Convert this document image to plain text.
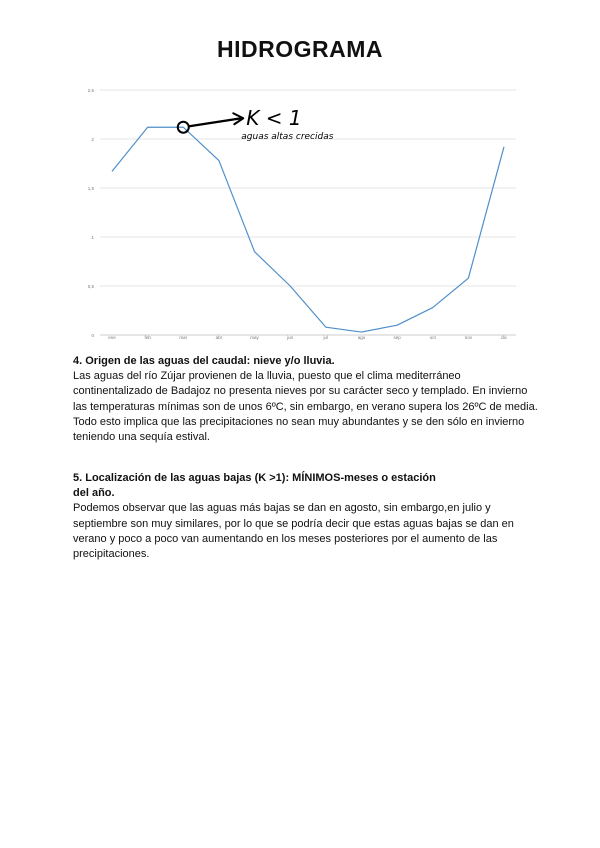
HIDROGRAMA
0
0,5
1
1,5
2
2,5
ene	feb	mar	abr	may	jun	jul	ago	sep	oct	nov	dic
K < 1
aguas altas crecidas
4. Origen de las aguas del caudal: nieve y/o lluvia.

Las aguas del río Zújar provienen de la lluvia, puesto que el clima mediterráneo continentalizado de Badajoz no presenta nieves por su carácter seco y templado. En invierno las temperaturas mínimas son de unos 6ºC, sin embargo, en verano supera los 26ºC de media.

Todo esto implica que las precipitaciones no sean muy abundantes y se den sólo en invierno teniendo una sequía estival.

5. Localización de las aguas bajas (K >1): MÍNIMOS-meses o estación
del año.

Podemos observar que las aguas más bajas se dan en agosto, sin embargo,en julio y septiembre son muy similares, por lo que se podría decir que estas aguas bajas se dan en verano y poco a poco van aumentando en los meses posteriores por el aumento de las precipitaciones.
